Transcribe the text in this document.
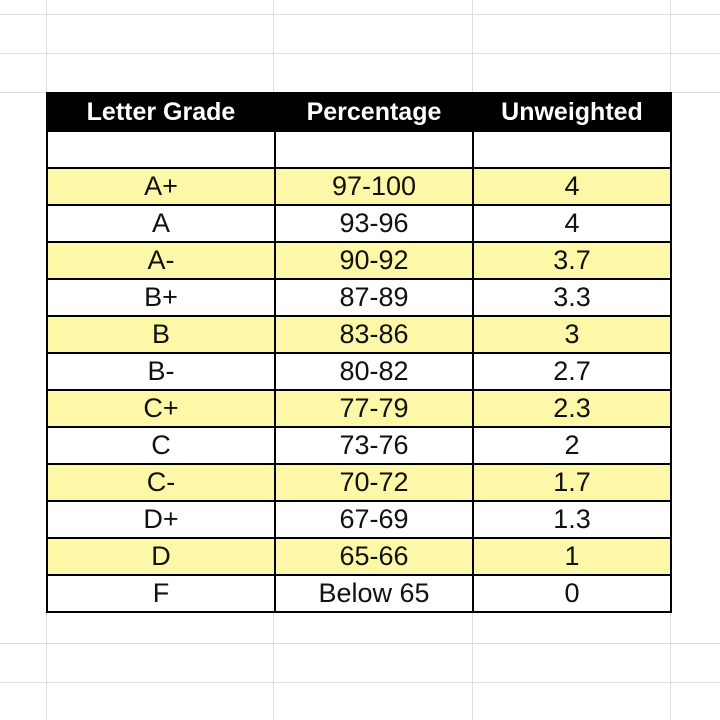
Letter Grade	Percentage	Unweighted

A+	97-100	4
A	93-96	4
A-	90-92	3.7
B+	87-89	3.3
B	83-86	3
B-	80-82	2.7
C+	77-79	2.3
C	73-76	2
C-	70-72	1.7
D+	67-69	1.3
D	65-66	1
F	Below 65	0
